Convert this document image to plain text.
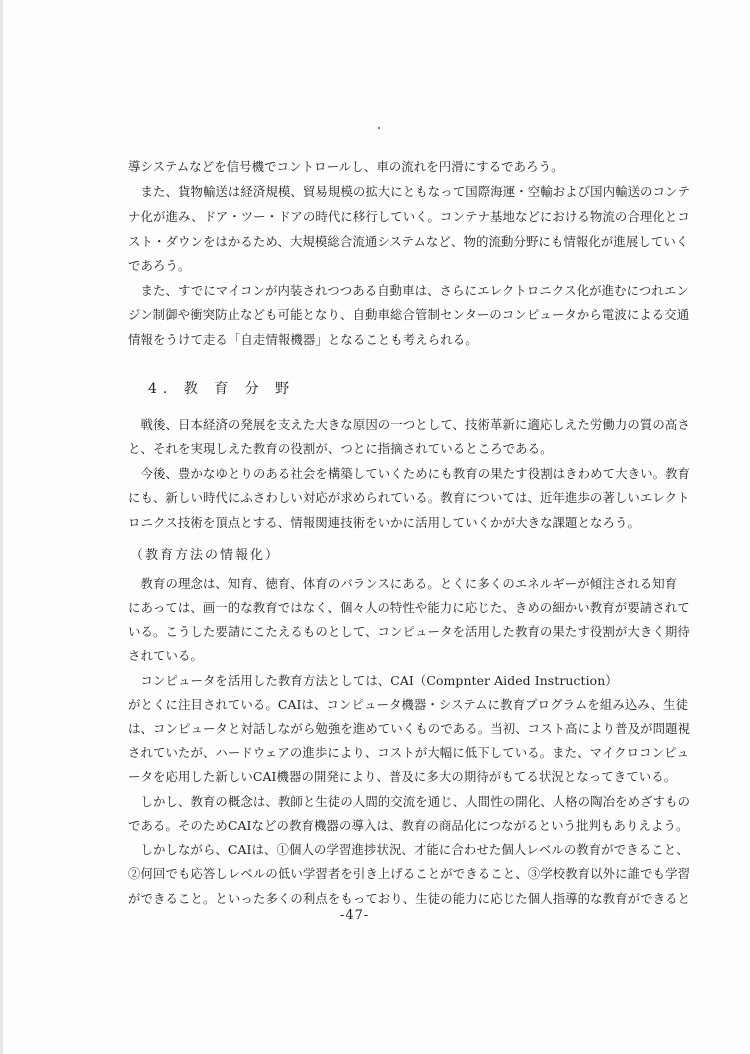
導システムなどを信号機でコントロールし、車の流れを円滑にするであろう。
　また、貨物輸送は経済規模、貿易規模の拡大にともなって国際海運・空輸および国内輸送のコンテ
ナ化が進み、ドア・ツー・ドアの時代に移行していく。コンテナ基地などにおける物流の合理化とコ
スト・ダウンをはかるため、大規模総合流通システムなど、物的流動分野にも情報化が進展していく
であろう。
　また、すでにマイコンが内装されつつある自動車は、さらにエレクトロニクス化が進むにつれエン
ジン制御や衝突防止なども可能となり、自動車総合管制センターのコンピュータから電波による交通
情報をうけて走る「自走情報機器」となることも考えられる。
4. 教 育 分 野
　戦後、日本経済の発展を支えた大きな原因の一つとして、技術革新に適応しえた労働力の質の高さ
と、それを実現しえた教育の役割が、つとに指摘されているところである。
　今後、豊かなゆとりのある社会を構築していくためにも教育の果たす役割はきわめて大きい。教育
にも、新しい時代にふさわしい対応が求められている。教育については、近年進歩の著しいエレクト
ロニクス技術を頂点とする、情報関連技術をいかに活用していくかが大きな課題となろう。
（教育方法の情報化）
　教育の理念は、知育、徳育、体育のバランスにある。とくに多くのエネルギーが傾注される知育
にあっては、画一的な教育ではなく、個々人の特性や能力に応じた、きめの細かい教育が要請されて
いる。こうした要請にこたえるものとして、コンピュータを活用した教育の果たす役割が大きく期待
されている。
　コンピュータを活用した教育方法としては、CAI（Compnter Aided Instruction）
がとくに注目されている。CAIは、コンピュータ機器・システムに教育プログラムを組み込み、生徒
は、コンピュータと対話しながら勉強を進めていくものである。当初、コスト高により普及が問題視
されていたが、ハードウェアの進歩により、コストが大幅に低下している。また、マイクロコンピュ
ータを応用した新しいCAI機器の開発により、普及に多大の期待がもてる状況となってきている。
　しかし、教育の概念は、教師と生徒の人間的交流を通じ、人間性の開化、人格の陶冶をめざすもの
である。そのためCAIなどの教育機器の導入は、教育の商品化につながるという批判もありえよう。
　しかしながら、CAIは、①個人の学習進捗状況、才能に合わせた個人レベルの教育ができること、
②何回でも応答しレベルの低い学習者を引き上げることができること、③学校教育以外に誰でも学習
ができること。といった多くの利点をもっており、生徒の能力に応じた個人指導的な教育ができると
-47-
